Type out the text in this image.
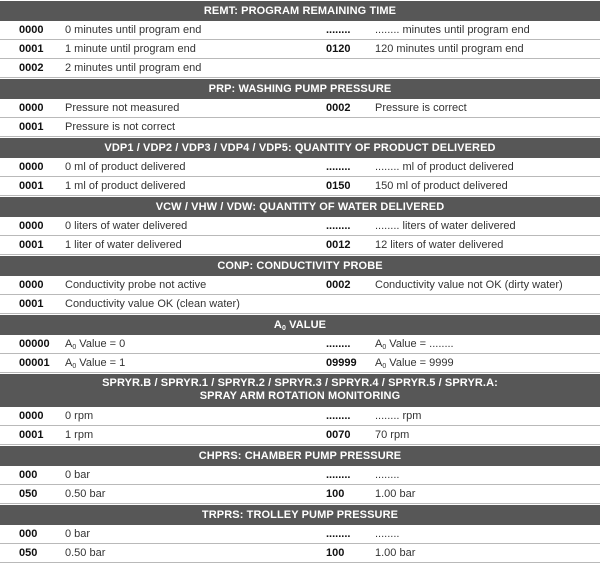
REMT: PROGRAM REMAINING TIME
0000	0 minutes until program end	........	........ minutes until program end
0001	1 minute until program end	0120	120 minutes until program end
0002	2 minutes until program end
PRP: WASHING PUMP PRESSURE
0000	Pressure not measured	0002	Pressure is correct
0001	Pressure is not correct
VDP1 / VDP2 / VDP3 / VDP4 / VDP5: QUANTITY OF PRODUCT DELIVERED
0000	0 ml of product delivered	........	........ ml of product delivered
0001	1 ml of product delivered	0150	150 ml of product delivered
VCW / VHW / VDW: QUANTITY OF WATER DELIVERED
0000	0 liters of water delivered	........	........ liters of water delivered
0001	1 liter of water delivered	0012	12 liters of water delivered
CONP: CONDUCTIVITY PROBE
0000	Conductivity probe not active	0002	Conductivity value not OK (dirty water)
0001	Conductivity value OK (clean water)
$A_0$ VALUE
00000	$A_0$ Value = 0	........	$A_0$ Value = ........
00001	$A_0$ Value = 1	09999	$A_0$ Value = 9999
SPRYR.B / SPRYR.1 / SPRYR.2 / SPRYR.3 / SPRYR.4 / SPRYR.5 / SPRYR.A:
SPRAY ARM ROTATION MONITORING
0000	0 rpm	........	........ rpm
0001	1 rpm	0070	70 rpm
CHPRS: CHAMBER PUMP PRESSURE
000	0 bar	........	........
050	0.50 bar	100	1.00 bar
TRPRS: TROLLEY PUMP PRESSURE
000	0 bar	........	........
050	0.50 bar	100	1.00 bar
